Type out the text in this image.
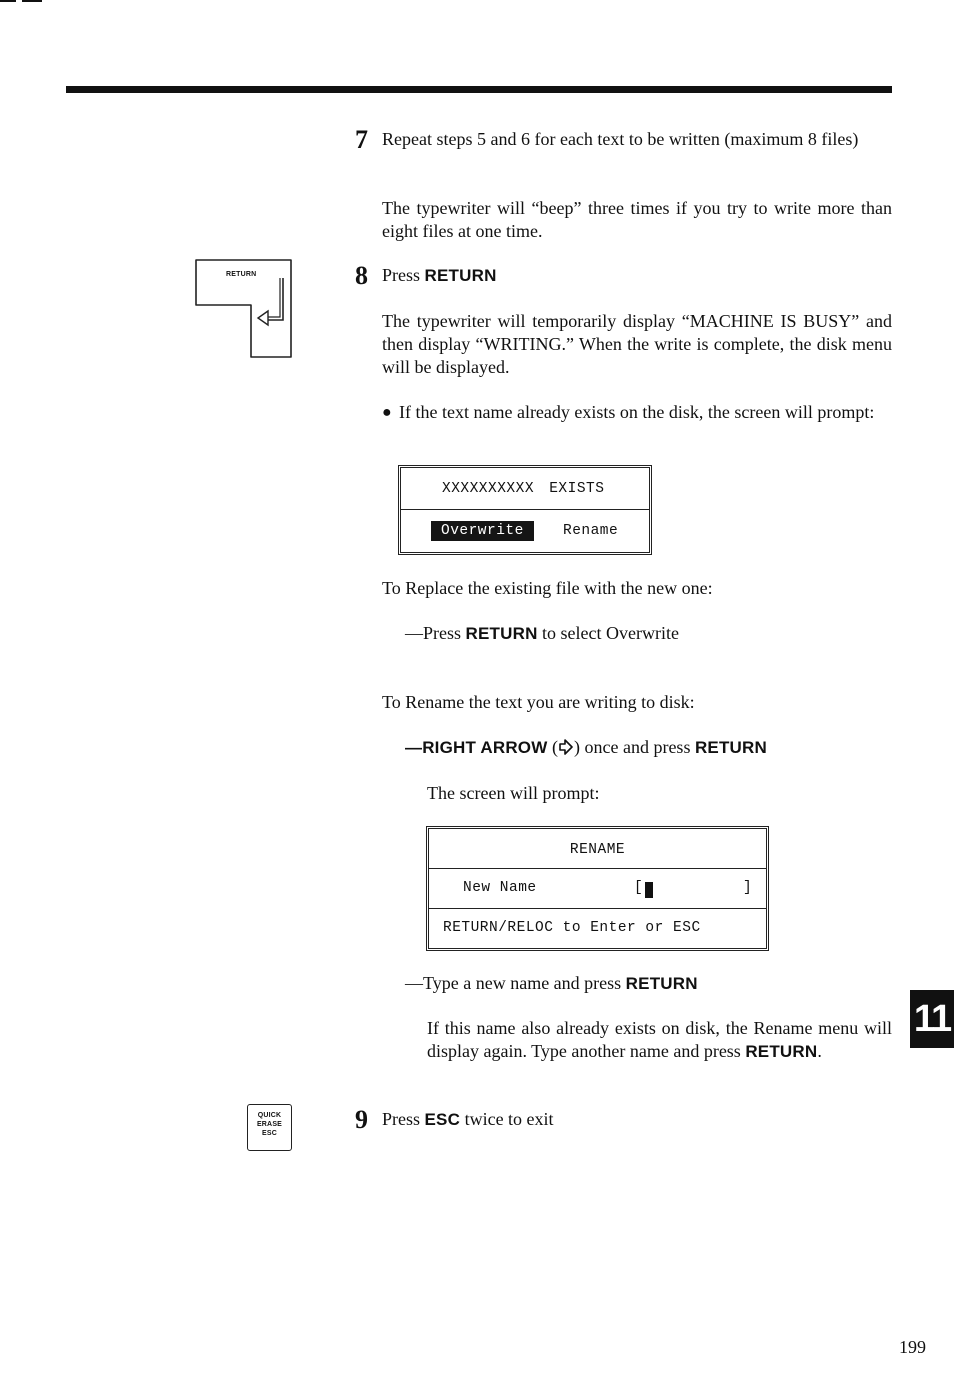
7 Repeat steps 5 and 6 for each text to be written (maximum 8 files)
The typewriter will “beep” three times if you try to write more than eight files at one time.
RETURN	8 Press RETURN
The typewriter will temporarily display “MACHINE IS BUSY” and then display “WRITING.” When the write is complete, the disk menu will be displayed.
● If the text name already exists on the disk, the screen will prompt:
XXXXXXXXXX EXISTS
Overwrite	Rename
To Replace the existing file with the new one:
—Press RETURN to select Overwrite
To Rename the text you are writing to disk:
—RIGHT ARROW ( ) once and press RETURN
The screen will prompt:
RENAME
New Name	[	]
RETURN/RELOC to Enter or ESC
—Type a new name and press RETURN
If this name also already exists on disk, the Rename menu will display again. Type another name and press RETURN.
QUICK
ERASE
ESC	9 Press ESC twice to exit
11
199
